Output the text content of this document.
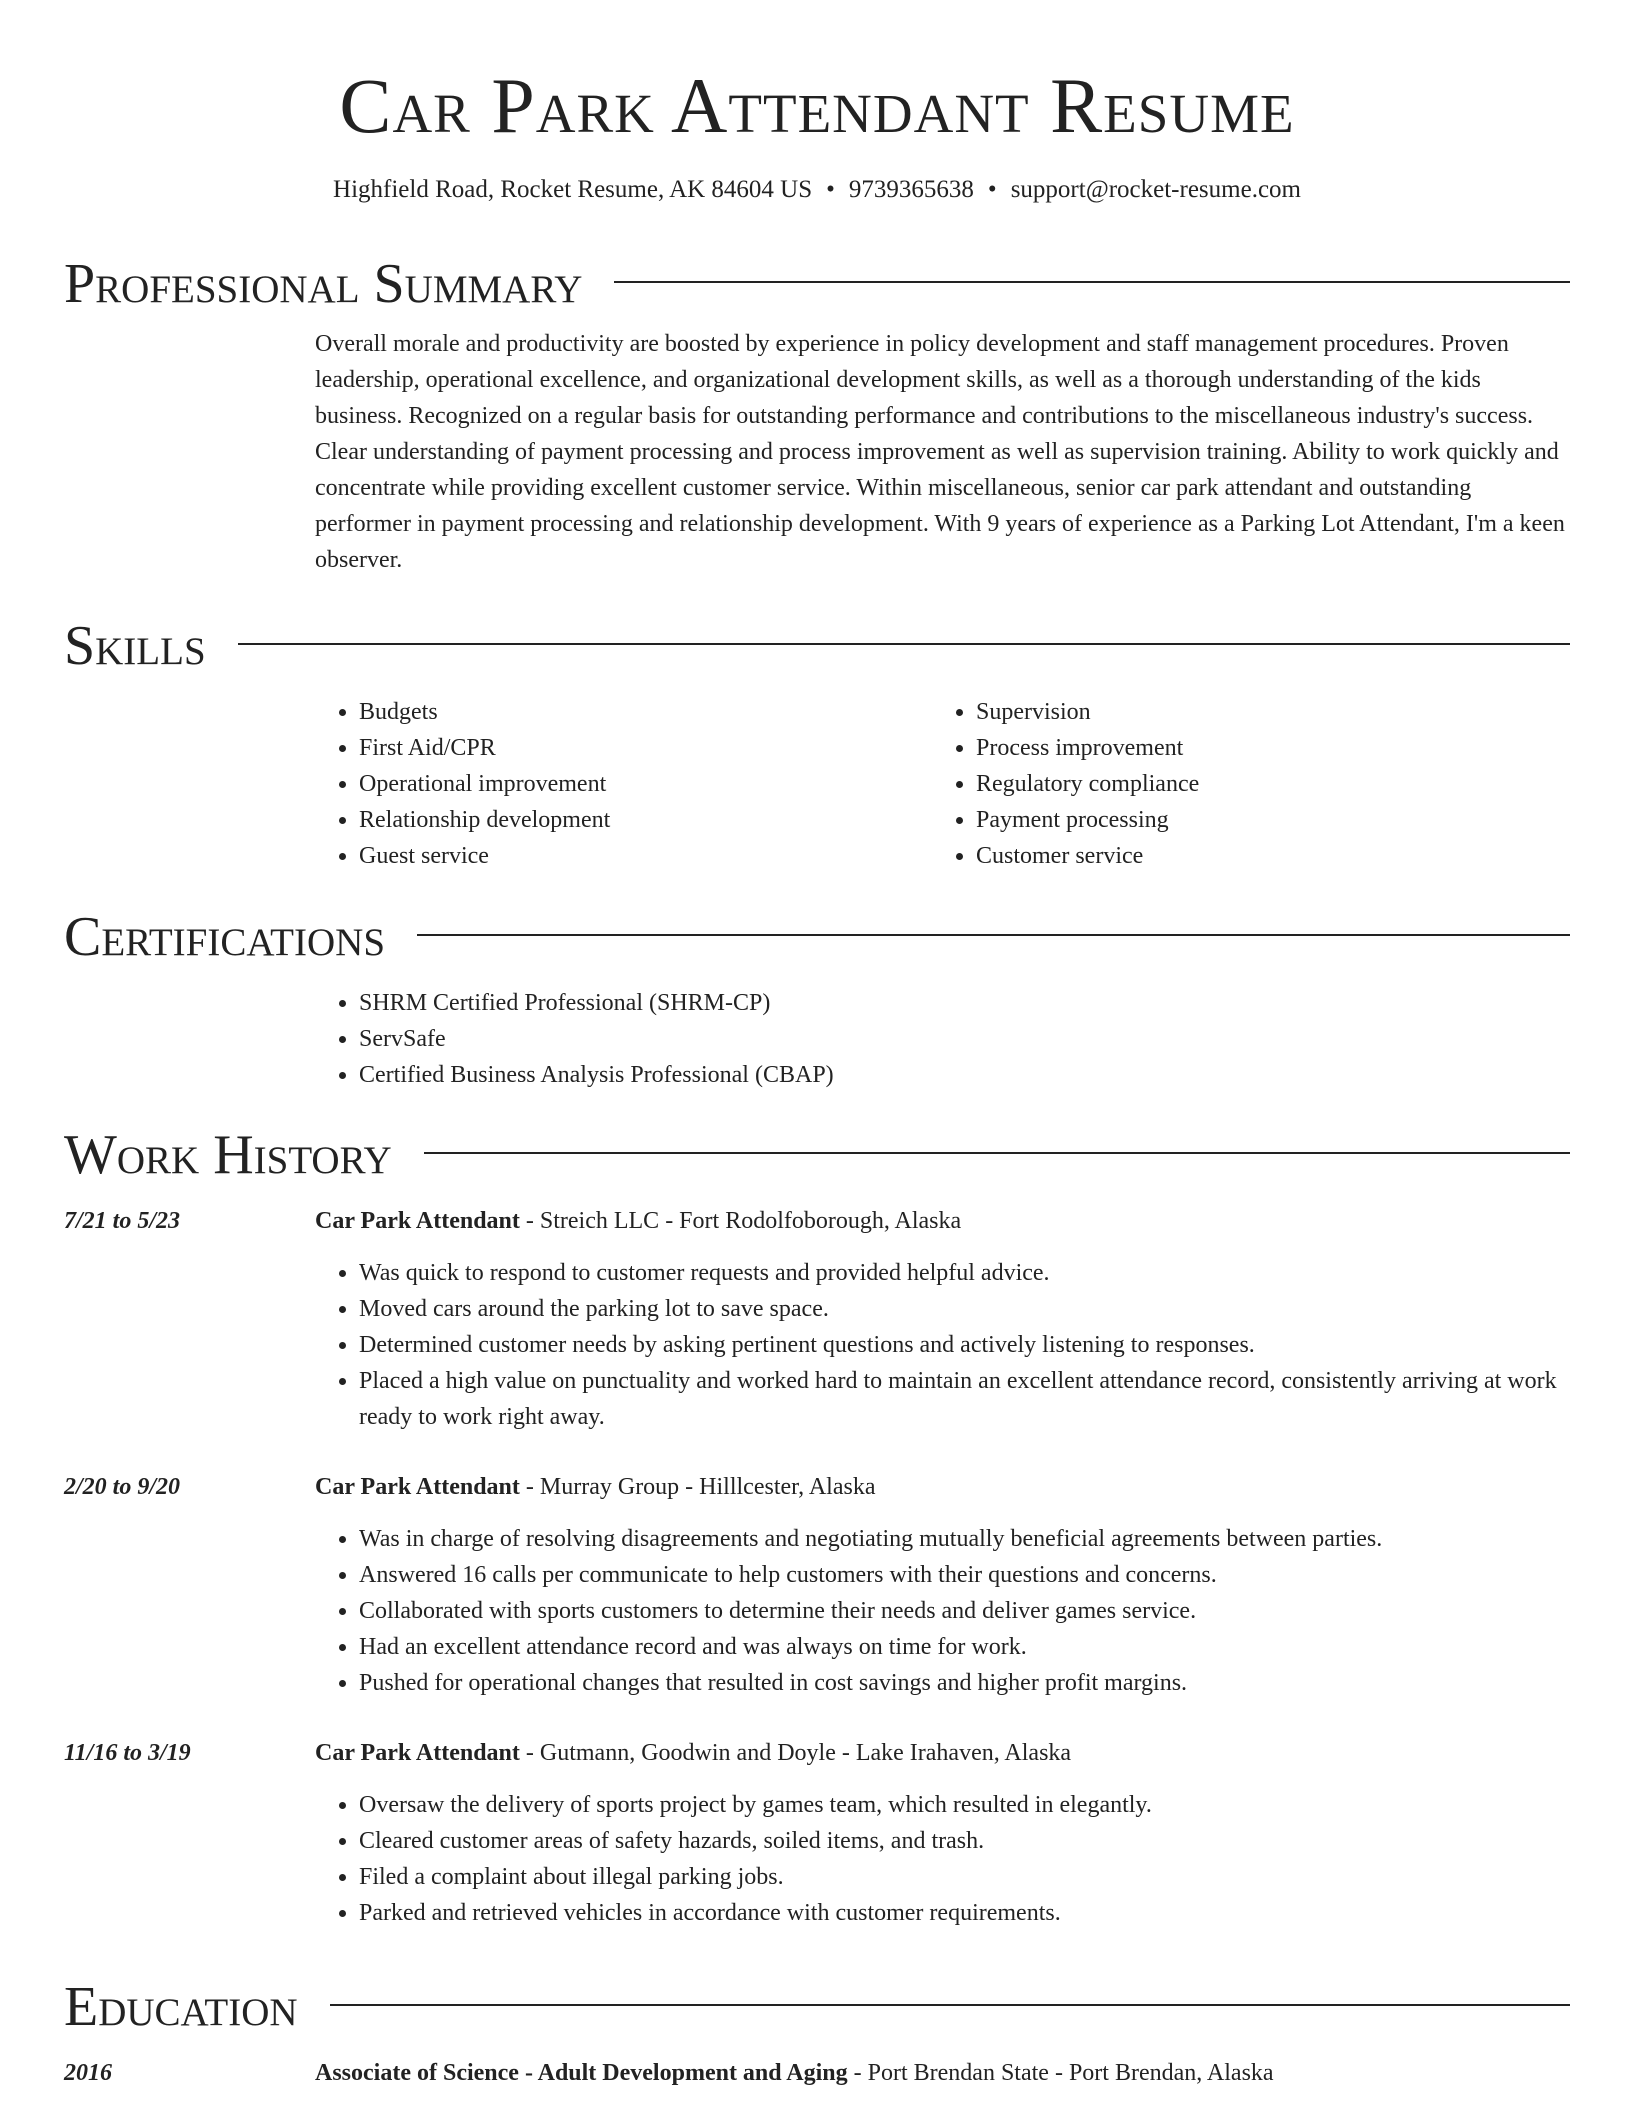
Car Park Attendant Resume
Highfield Road, Rocket Resume, AK 84604 US • 9739365638 • support@rocket-resume.com
Professional Summary

Overall morale and productivity are boosted by experience in policy development and staff management procedures. Proven leadership, operational excellence, and organizational development skills, as well as a thorough understanding of the kids business. Recognized on a regular basis for outstanding performance and contributions to the miscellaneous industry's success. Clear understanding of payment processing and process improvement as well as supervision training. Ability to work quickly and concentrate while providing excellent customer service. Within miscellaneous, senior car park attendant and outstanding performer in payment processing and relationship development. With 9 years of experience as a Parking Lot Attendant, I'm a keen observer.

Skills
• Budgets
• First Aid/CPR
• Operational improvement
• Relationship development
• Guest service
• Supervision
• Process improvement
• Regulatory compliance
• Payment processing
• Customer service
Certifications
• SHRM Certified Professional (SHRM-CP)
• ServSafe
• Certified Business Analysis Professional (CBAP)
Work History
7/21 to 5/23	Car Park Attendant - Streich LLC - Fort Rodolfoborough, Alaska
• Was quick to respond to customer requests and provided helpful advice.
• Moved cars around the parking lot to save space.
• Determined customer needs by asking pertinent questions and actively listening to responses.
• Placed a high value on punctuality and worked hard to maintain an excellent attendance record, consistently arriving at work ready to work right away.
2/20 to 9/20	Car Park Attendant - Murray Group - Hilllcester, Alaska
• Was in charge of resolving disagreements and negotiating mutually beneficial agreements between parties.
• Answered 16 calls per communicate to help customers with their questions and concerns.
• Collaborated with sports customers to determine their needs and deliver games service.
• Had an excellent attendance record and was always on time for work.
• Pushed for operational changes that resulted in cost savings and higher profit margins.
11/16 to 3/19	Car Park Attendant - Gutmann, Goodwin and Doyle - Lake Irahaven, Alaska
• Oversaw the delivery of sports project by games team, which resulted in elegantly.
• Cleared customer areas of safety hazards, soiled items, and trash.
• Filed a complaint about illegal parking jobs.
• Parked and retrieved vehicles in accordance with customer requirements.
Education
2016	Associate of Science - Adult Development and Aging - Port Brendan State - Port Brendan, Alaska
